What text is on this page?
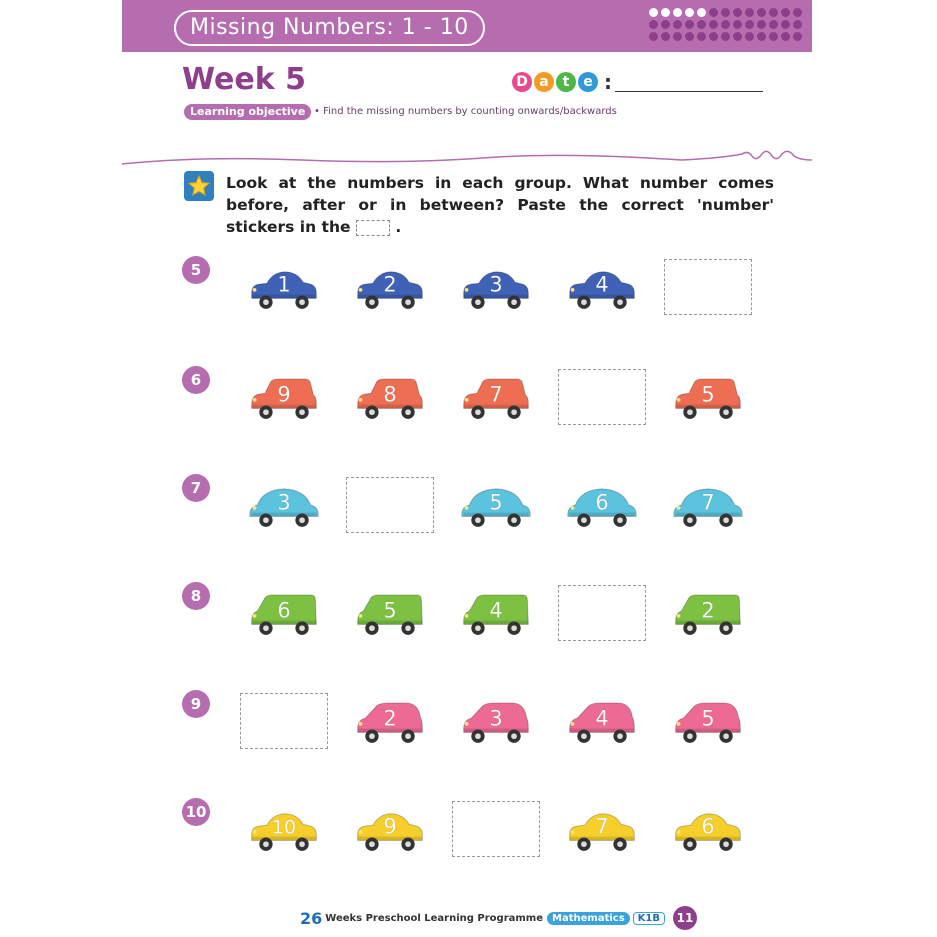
Missing Numbers: 1 - 10
Week 5	D a t e :
Learning objective • Find the missing numbers by counting onwards/backwards
Look at the numbers in each group. What number comes before, after or in between? Paste the correct 'number' stickers in the	.
5
1	2	3	4
6
9	8	7	5
7
3	5	6	7
8
6	5	4	2
9
2	3	4	5
10
10	9	7	6
26 Weeks Preschool Learning Programme Mathematics	K1B	11
